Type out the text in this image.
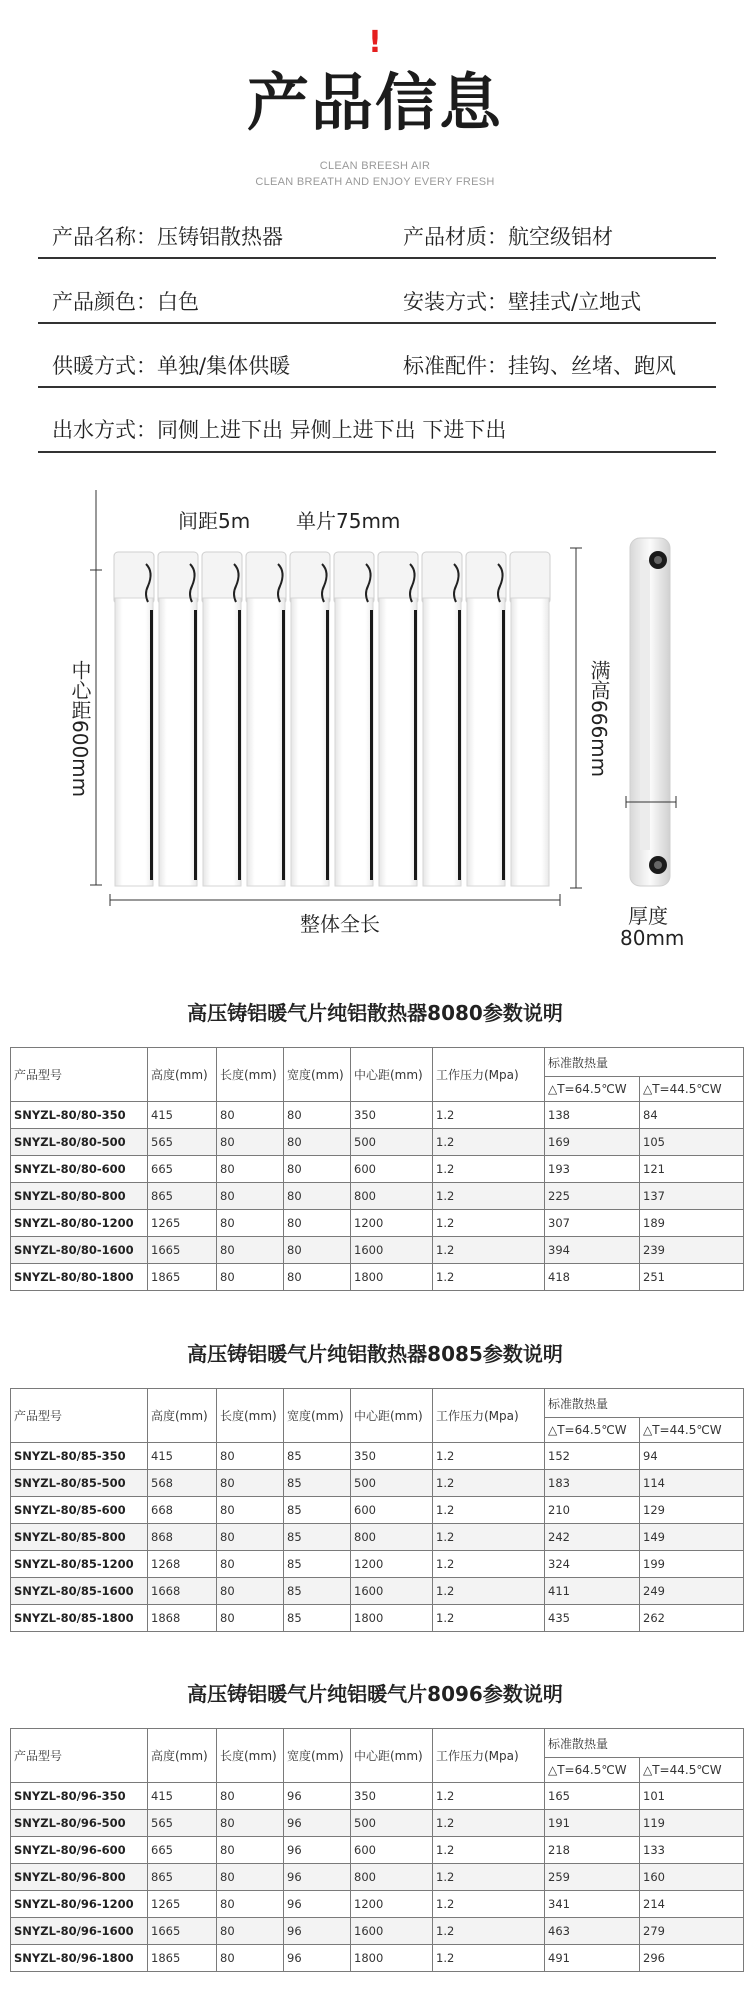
!
产品信息
CLEAN BREESH AIR
CLEAN BREATH AND ENJOY EVERY FRESH
产品名称：压铸铝散热器	产品材质：航空级铝材
产品颜色：白色	安装方式：壁挂式/立地式
供暖方式：单独/集体供暖	标准配件：挂钩、丝堵、跑风
出水方式：同侧上进下出 异侧上进下出 下进下出
间距5m 单片75mm
中心距600mm	满高666mm
整体全长	厚度
80mm
高压铸铝暖气片纯铝散热器8080参数说明
产品型号	高度(mm)	长度(mm)	宽度(mm)	中心距(mm)	工作压力(Mpa)	标准散热量	
						△T=64.5℃W	△T=44.5℃W
SNYZL-80/80-350	415	80	80	350	1.2	138	84
SNYZL-80/80-500	565	80	80	500	1.2	169	105
SNYZL-80/80-600	665	80	80	600	1.2	193	121
SNYZL-80/80-800	865	80	80	800	1.2	225	137
SNYZL-80/80-1200	1265	80	80	1200	1.2	307	189
SNYZL-80/80-1600	1665	80	80	1600	1.2	394	239
SNYZL-80/80-1800	1865	80	80	1800	1.2	418	251
高压铸铝暖气片纯铝散热器8085参数说明
产品型号	高度(mm)	长度(mm)	宽度(mm)	中心距(mm)	工作压力(Mpa)	标准散热量	
						△T=64.5℃W	△T=44.5℃W
SNYZL-80/85-350	415	80	85	350	1.2	152	94
SNYZL-80/85-500	568	80	85	500	1.2	183	114
SNYZL-80/85-600	668	80	85	600	1.2	210	129
SNYZL-80/85-800	868	80	85	800	1.2	242	149
SNYZL-80/85-1200	1268	80	85	1200	1.2	324	199
SNYZL-80/85-1600	1668	80	85	1600	1.2	411	249
SNYZL-80/85-1800	1868	80	85	1800	1.2	435	262
高压铸铝暖气片纯铝暖气片8096参数说明
产品型号	高度(mm)	长度(mm)	宽度(mm)	中心距(mm)	工作压力(Mpa)	标准散热量	
						△T=64.5℃W	△T=44.5℃W
SNYZL-80/96-350	415	80	96	350	1.2	165	101
SNYZL-80/96-500	565	80	96	500	1.2	191	119
SNYZL-80/96-600	665	80	96	600	1.2	218	133
SNYZL-80/96-800	865	80	96	800	1.2	259	160
SNYZL-80/96-1200	1265	80	96	1200	1.2	341	214
SNYZL-80/96-1600	1665	80	96	1600	1.2	463	279
SNYZL-80/96-1800	1865	80	96	1800	1.2	491	296
